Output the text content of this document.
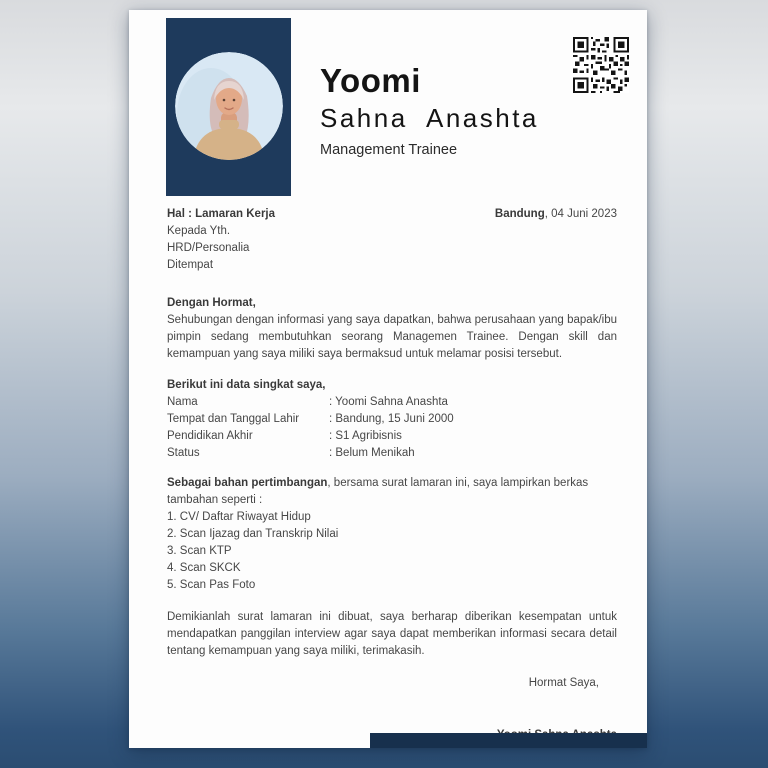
Yoomi
Sahna Anashta
Management Trainee
Hal : Lamaran Kerja	Bandung, 04 Juni 2023
Kepada Yth.
HRD/Personalia
Ditempat
Dengan Hormat,
Sehubungan dengan informasi yang saya dapatkan, bahwa perusahaan yang bapak/ibu pimpin sedang membutuhkan seorang Managemen Trainee. Dengan skill dan kemampuan yang saya miliki saya bermaksud untuk melamar posisi tersebut.
Berikut ini data singkat saya,
Nama	: Yoomi Sahna Anashta
Tempat dan Tanggal Lahir	: Bandung, 15 Juni 2000
Pendidikan Akhir	: S1 Agribisnis
Status	: Belum Menikah
Sebagai bahan pertimbangan, bersama surat lamaran ini, saya lampirkan berkas tambahan seperti :
1. CV/ Daftar Riwayat Hidup
2. Scan Ijazag dan Transkrip Nilai
3. Scan KTP
4. Scan SKCK
5. Scan Pas Foto
Demikianlah surat lamaran ini dibuat, saya berharap diberikan kesempatan untuk mendapatkan panggilan interview agar saya dapat memberikan informasi secara detail tentang kemampuan yang saya miliki, terimakasih.
Hormat Saya,
